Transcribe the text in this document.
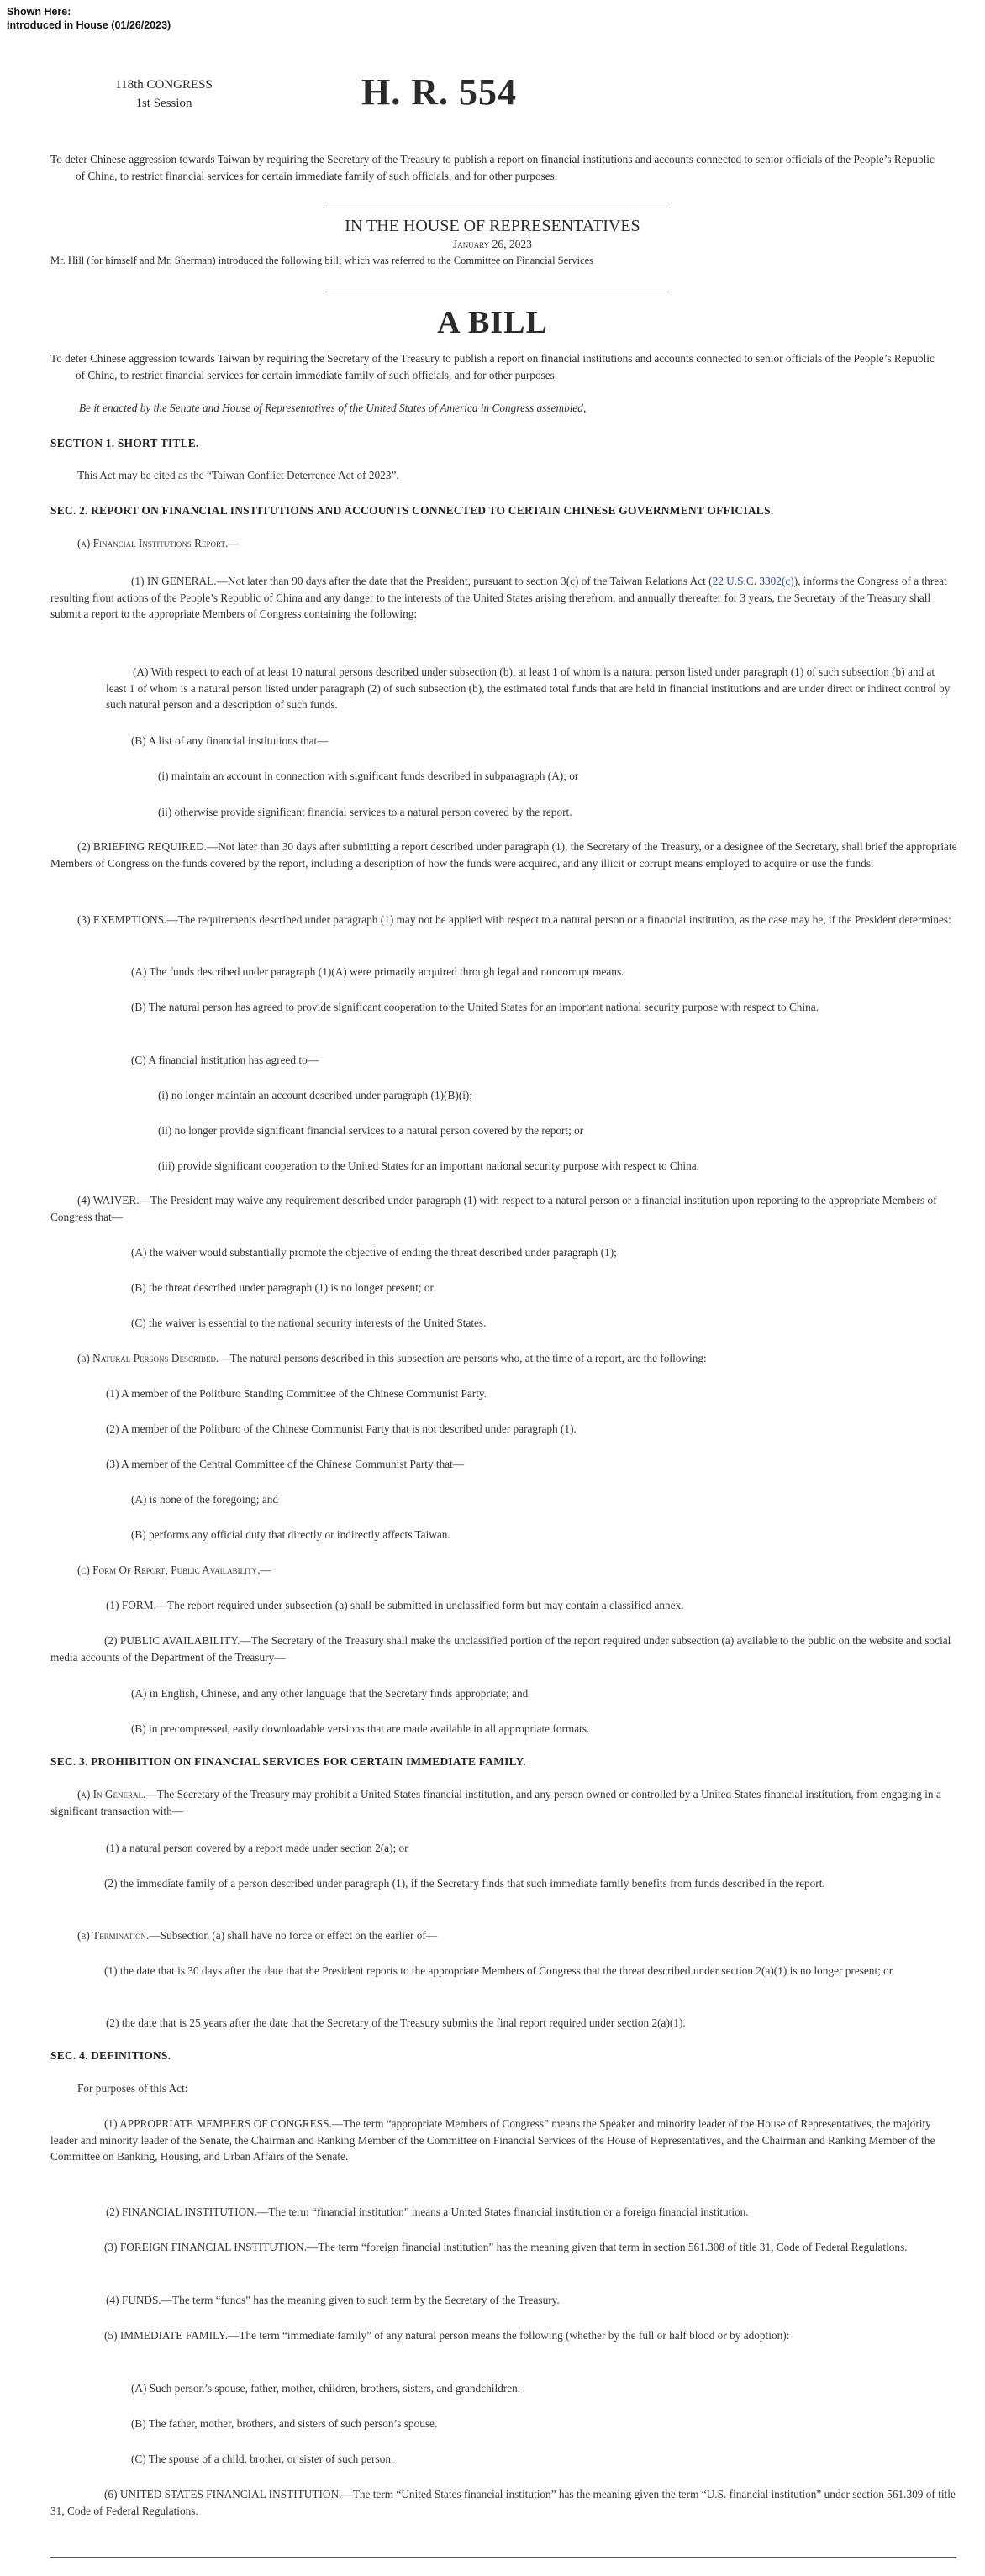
Shown Here:
Introduced in House (01/26/2023)
118th CONGRESS
1st Session	H. R. 554
To deter Chinese aggression towards Taiwan by requiring the Secretary of the Treasury to publish a report on financial institutions and accounts connected to senior officials of the People’s Republic of China, to restrict financial services for certain immediate family of such officials, and for other purposes.
IN THE HOUSE OF REPRESENTATIVES
January 26, 2023
Mr. Hill (for himself and Mr. Sherman) introduced the following bill; which was referred to the Committee on Financial Services
A BILL
To deter Chinese aggression towards Taiwan by requiring the Secretary of the Treasury to publish a report on financial institutions and accounts connected to senior officials of the People’s Republic of China, to restrict financial services for certain immediate family of such officials, and for other purposes.
Be it enacted by the Senate and House of Representatives of the United States of America in Congress assembled,
SECTION 1. SHORT TITLE.
This Act may be cited as the “Taiwan Conflict Deterrence Act of 2023”.
SEC. 2. REPORT ON FINANCIAL INSTITUTIONS AND ACCOUNTS CONNECTED TO CERTAIN CHINESE GOVERNMENT OFFICIALS.
(a) Financial Institutions Report.—
(1) IN GENERAL.—Not later than 90 days after the date that the President, pursuant to section 3(c) of the Taiwan Relations Act (22 U.S.C. 3302(c)), informs the Congress of a threat resulting from actions of the People’s Republic of China and any danger to the interests of the United States arising therefrom, and annually thereafter for 3 years, the Secretary of the Treasury shall submit a report to the appropriate Members of Congress containing the following:
(A) With respect to each of at least 10 natural persons described under subsection (b), at least 1 of whom is a natural person listed under paragraph (1) of such subsection (b) and at least 1 of whom is a natural person listed under paragraph (2) of such subsection (b), the estimated total funds that are held in financial institutions and are under direct or indirect control by such natural person and a description of such funds.
(B) A list of any financial institutions that—
(i) maintain an account in connection with significant funds described in subparagraph (A); or
(ii) otherwise provide significant financial services to a natural person covered by the report.
(2) BRIEFING REQUIRED.—Not later than 30 days after submitting a report described under paragraph (1), the Secretary of the Treasury, or a designee of the Secretary, shall brief the appropriate Members of Congress on the funds covered by the report, including a description of how the funds were acquired, and any illicit or corrupt means employed to acquire or use the funds.
(3) EXEMPTIONS.—The requirements described under paragraph (1) may not be applied with respect to a natural person or a financial institution, as the case may be, if the President determines:
(A) The funds described under paragraph (1)(A) were primarily acquired through legal and noncorrupt means.
(B) The natural person has agreed to provide significant cooperation to the United States for an important national security purpose with respect to China.
(C) A financial institution has agreed to—
(i) no longer maintain an account described under paragraph (1)(B)(i);
(ii) no longer provide significant financial services to a natural person covered by the report; or
(iii) provide significant cooperation to the United States for an important national security purpose with respect to China.
(4) WAIVER.—The President may waive any requirement described under paragraph (1) with respect to a natural person or a financial institution upon reporting to the appropriate Members of Congress that—
(A) the waiver would substantially promote the objective of ending the threat described under paragraph (1);
(B) the threat described under paragraph (1) is no longer present; or
(C) the waiver is essential to the national security interests of the United States.
(b) Natural Persons Described.—The natural persons described in this subsection are persons who, at the time of a report, are the following:
(1) A member of the Politburo Standing Committee of the Chinese Communist Party.
(2) A member of the Politburo of the Chinese Communist Party that is not described under paragraph (1).
(3) A member of the Central Committee of the Chinese Communist Party that—
(A) is none of the foregoing; and
(B) performs any official duty that directly or indirectly affects Taiwan.
(c) Form Of Report; Public Availability.—
(1) FORM.—The report required under subsection (a) shall be submitted in unclassified form but may contain a classified annex.
(2) PUBLIC AVAILABILITY.—The Secretary of the Treasury shall make the unclassified portion of the report required under subsection (a) available to the public on the website and social media accounts of the Department of the Treasury—
(A) in English, Chinese, and any other language that the Secretary finds appropriate; and
(B) in precompressed, easily downloadable versions that are made available in all appropriate formats.
SEC. 3. PROHIBITION ON FINANCIAL SERVICES FOR CERTAIN IMMEDIATE FAMILY.
(a) In General.—The Secretary of the Treasury may prohibit a United States financial institution, and any person owned or controlled by a United States financial institution, from engaging in a significant transaction with—
(1) a natural person covered by a report made under section 2(a); or
(2) the immediate family of a person described under paragraph (1), if the Secretary finds that such immediate family benefits from funds described in the report.
(b) Termination.—Subsection (a) shall have no force or effect on the earlier of—
(1) the date that is 30 days after the date that the President reports to the appropriate Members of Congress that the threat described under section 2(a)(1) is no longer present; or
(2) the date that is 25 years after the date that the Secretary of the Treasury submits the final report required under section 2(a)(1).
SEC. 4. DEFINITIONS.
For purposes of this Act:
(1) APPROPRIATE MEMBERS OF CONGRESS.—The term “appropriate Members of Congress” means the Speaker and minority leader of the House of Representatives, the majority leader and minority leader of the Senate, the Chairman and Ranking Member of the Committee on Financial Services of the House of Representatives, and the Chairman and Ranking Member of the Committee on Banking, Housing, and Urban Affairs of the Senate.
(2) FINANCIAL INSTITUTION.—The term “financial institution” means a United States financial institution or a foreign financial institution.
(3) FOREIGN FINANCIAL INSTITUTION.—The term “foreign financial institution” has the meaning given that term in section 561.308 of title 31, Code of Federal Regulations.
(4) FUNDS.—The term “funds” has the meaning given to such term by the Secretary of the Treasury.
(5) IMMEDIATE FAMILY.—The term “immediate family” of any natural person means the following (whether by the full or half blood or by adoption):
(A) Such person’s spouse, father, mother, children, brothers, sisters, and grandchildren.
(B) The father, mother, brothers, and sisters of such person’s spouse.
(C) The spouse of a child, brother, or sister of such person.
(6) UNITED STATES FINANCIAL INSTITUTION.—The term “United States financial institution” has the meaning given the term “U.S. financial institution” under section 561.309 of title 31, Code of Federal Regulations.
